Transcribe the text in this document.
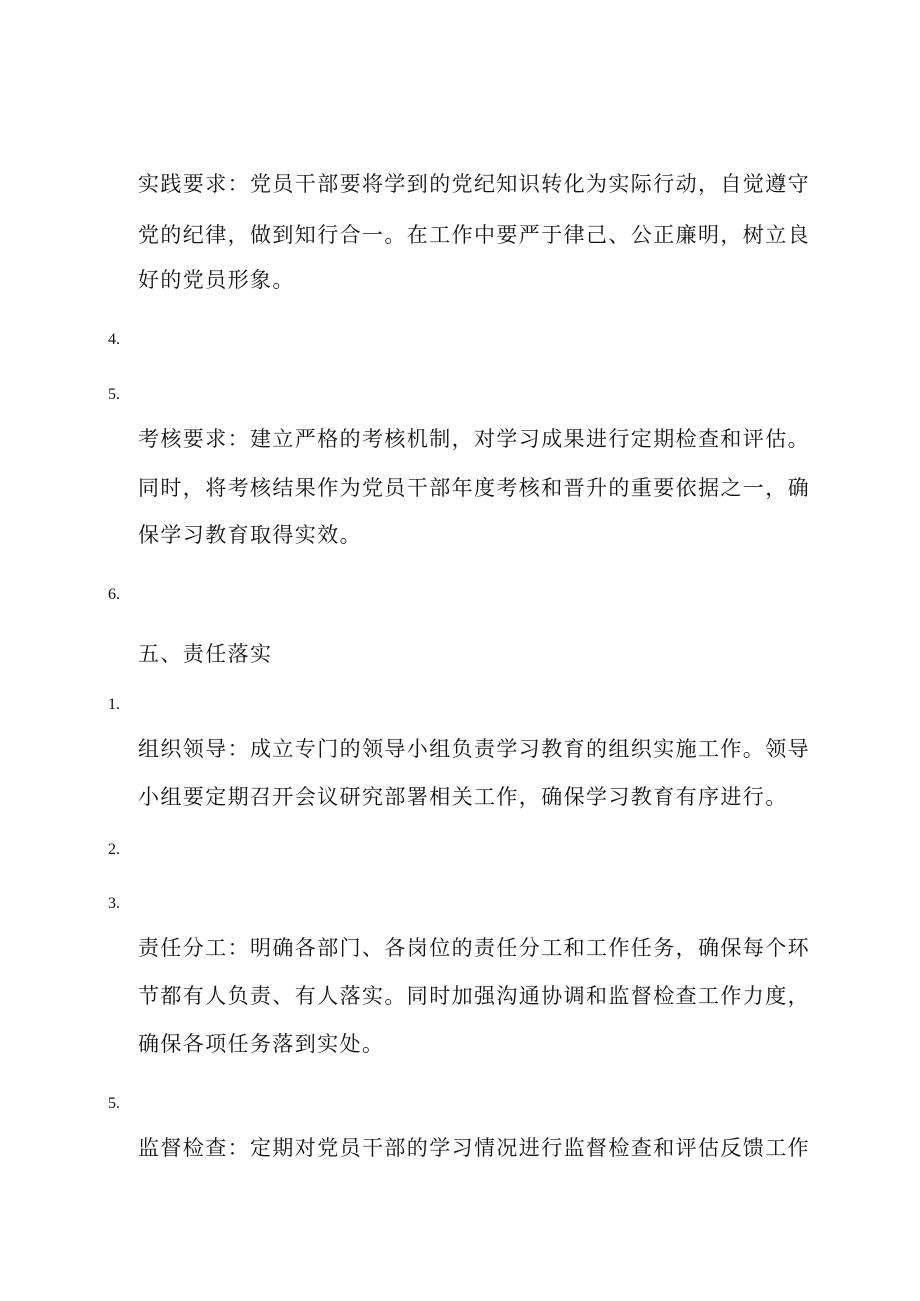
实践要求：党员干部要将学到的党纪知识转化为实际行动，自觉遵守
党的纪律，做到知行合一。在工作中要严于律己、公正廉明，树立良
好的党员形象。
4.
5.
考核要求：建立严格的考核机制，对学习成果进行定期检查和评估。
同时，将考核结果作为党员干部年度考核和晋升的重要依据之一，确
保学习教育取得实效。
6.
五、责任落实
1.
组织领导：成立专门的领导小组负责学习教育的组织实施工作。领导
小组要定期召开会议研究部署相关工作，确保学习教育有序进行。
2.
3.
责任分工：明确各部门、各岗位的责任分工和工作任务，确保每个环
节都有人负责、有人落实。同时加强沟通协调和监督检查工作力度，
确保各项任务落到实处。
5.
监督检查：定期对党员干部的学习情况进行监督检查和评估反馈工作
